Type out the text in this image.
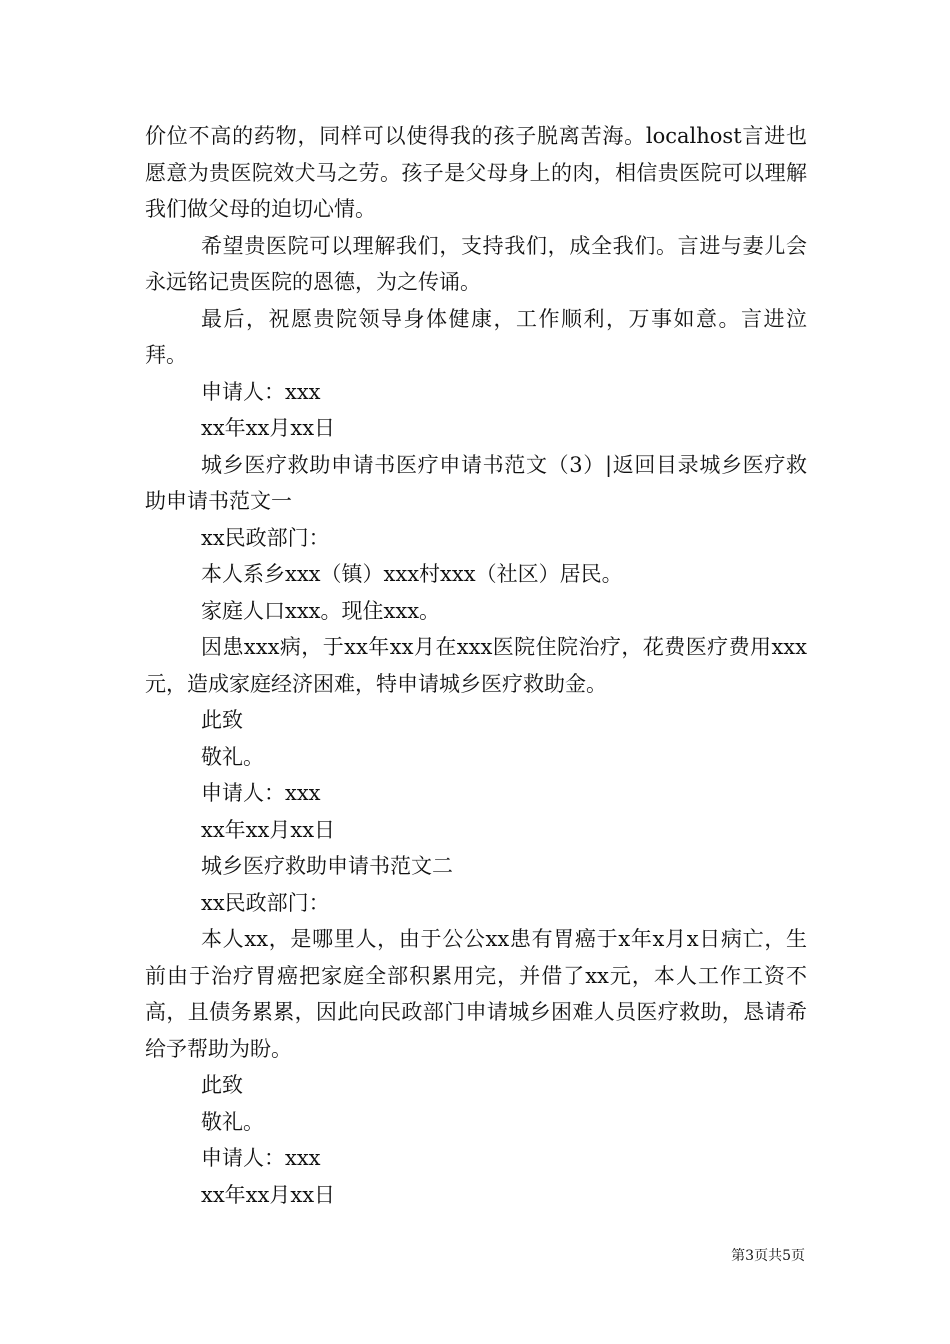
价位不高的药物，同样可以使得我的孩子脱离苦海。localhost言进也愿意为贵医院效犬马之劳。孩子是父母身上的肉，相信贵医院可以理解我们做父母的迫切心情。

希望贵医院可以理解我们，支持我们，成全我们。言进与妻儿会永远铭记贵医院的恩德，为之传诵。

最后，祝愿贵院领导身体健康，工作顺利，万事如意。言进泣拜。

申请人：xxx

xx年xx月xx日

城乡医疗救助申请书医疗申请书范文（3）|返回目录城乡医疗救助申请书范文一

xx民政部门：

本人系乡xxx（镇）xxx村xxx（社区）居民。

家庭人口xxx。现住xxx。

因患xxx病，于xx年xx月在xxx医院住院治疗，花费医疗费用xxx元，造成家庭经济困难，特申请城乡医疗救助金。

此致

敬礼。

申请人：xxx

xx年xx月xx日

城乡医疗救助申请书范文二

xx民政部门：

本人xx，是哪里人，由于公公xx患有胃癌于x年x月x日病亡，生前由于治疗胃癌把家庭全部积累用完，并借了xx元，本人工作工资不高，且债务累累，因此向民政部门申请城乡困难人员医疗救助，恳请希给予帮助为盼。

此致

敬礼。

申请人：xxx

xx年xx月xx日

第3页共5页
